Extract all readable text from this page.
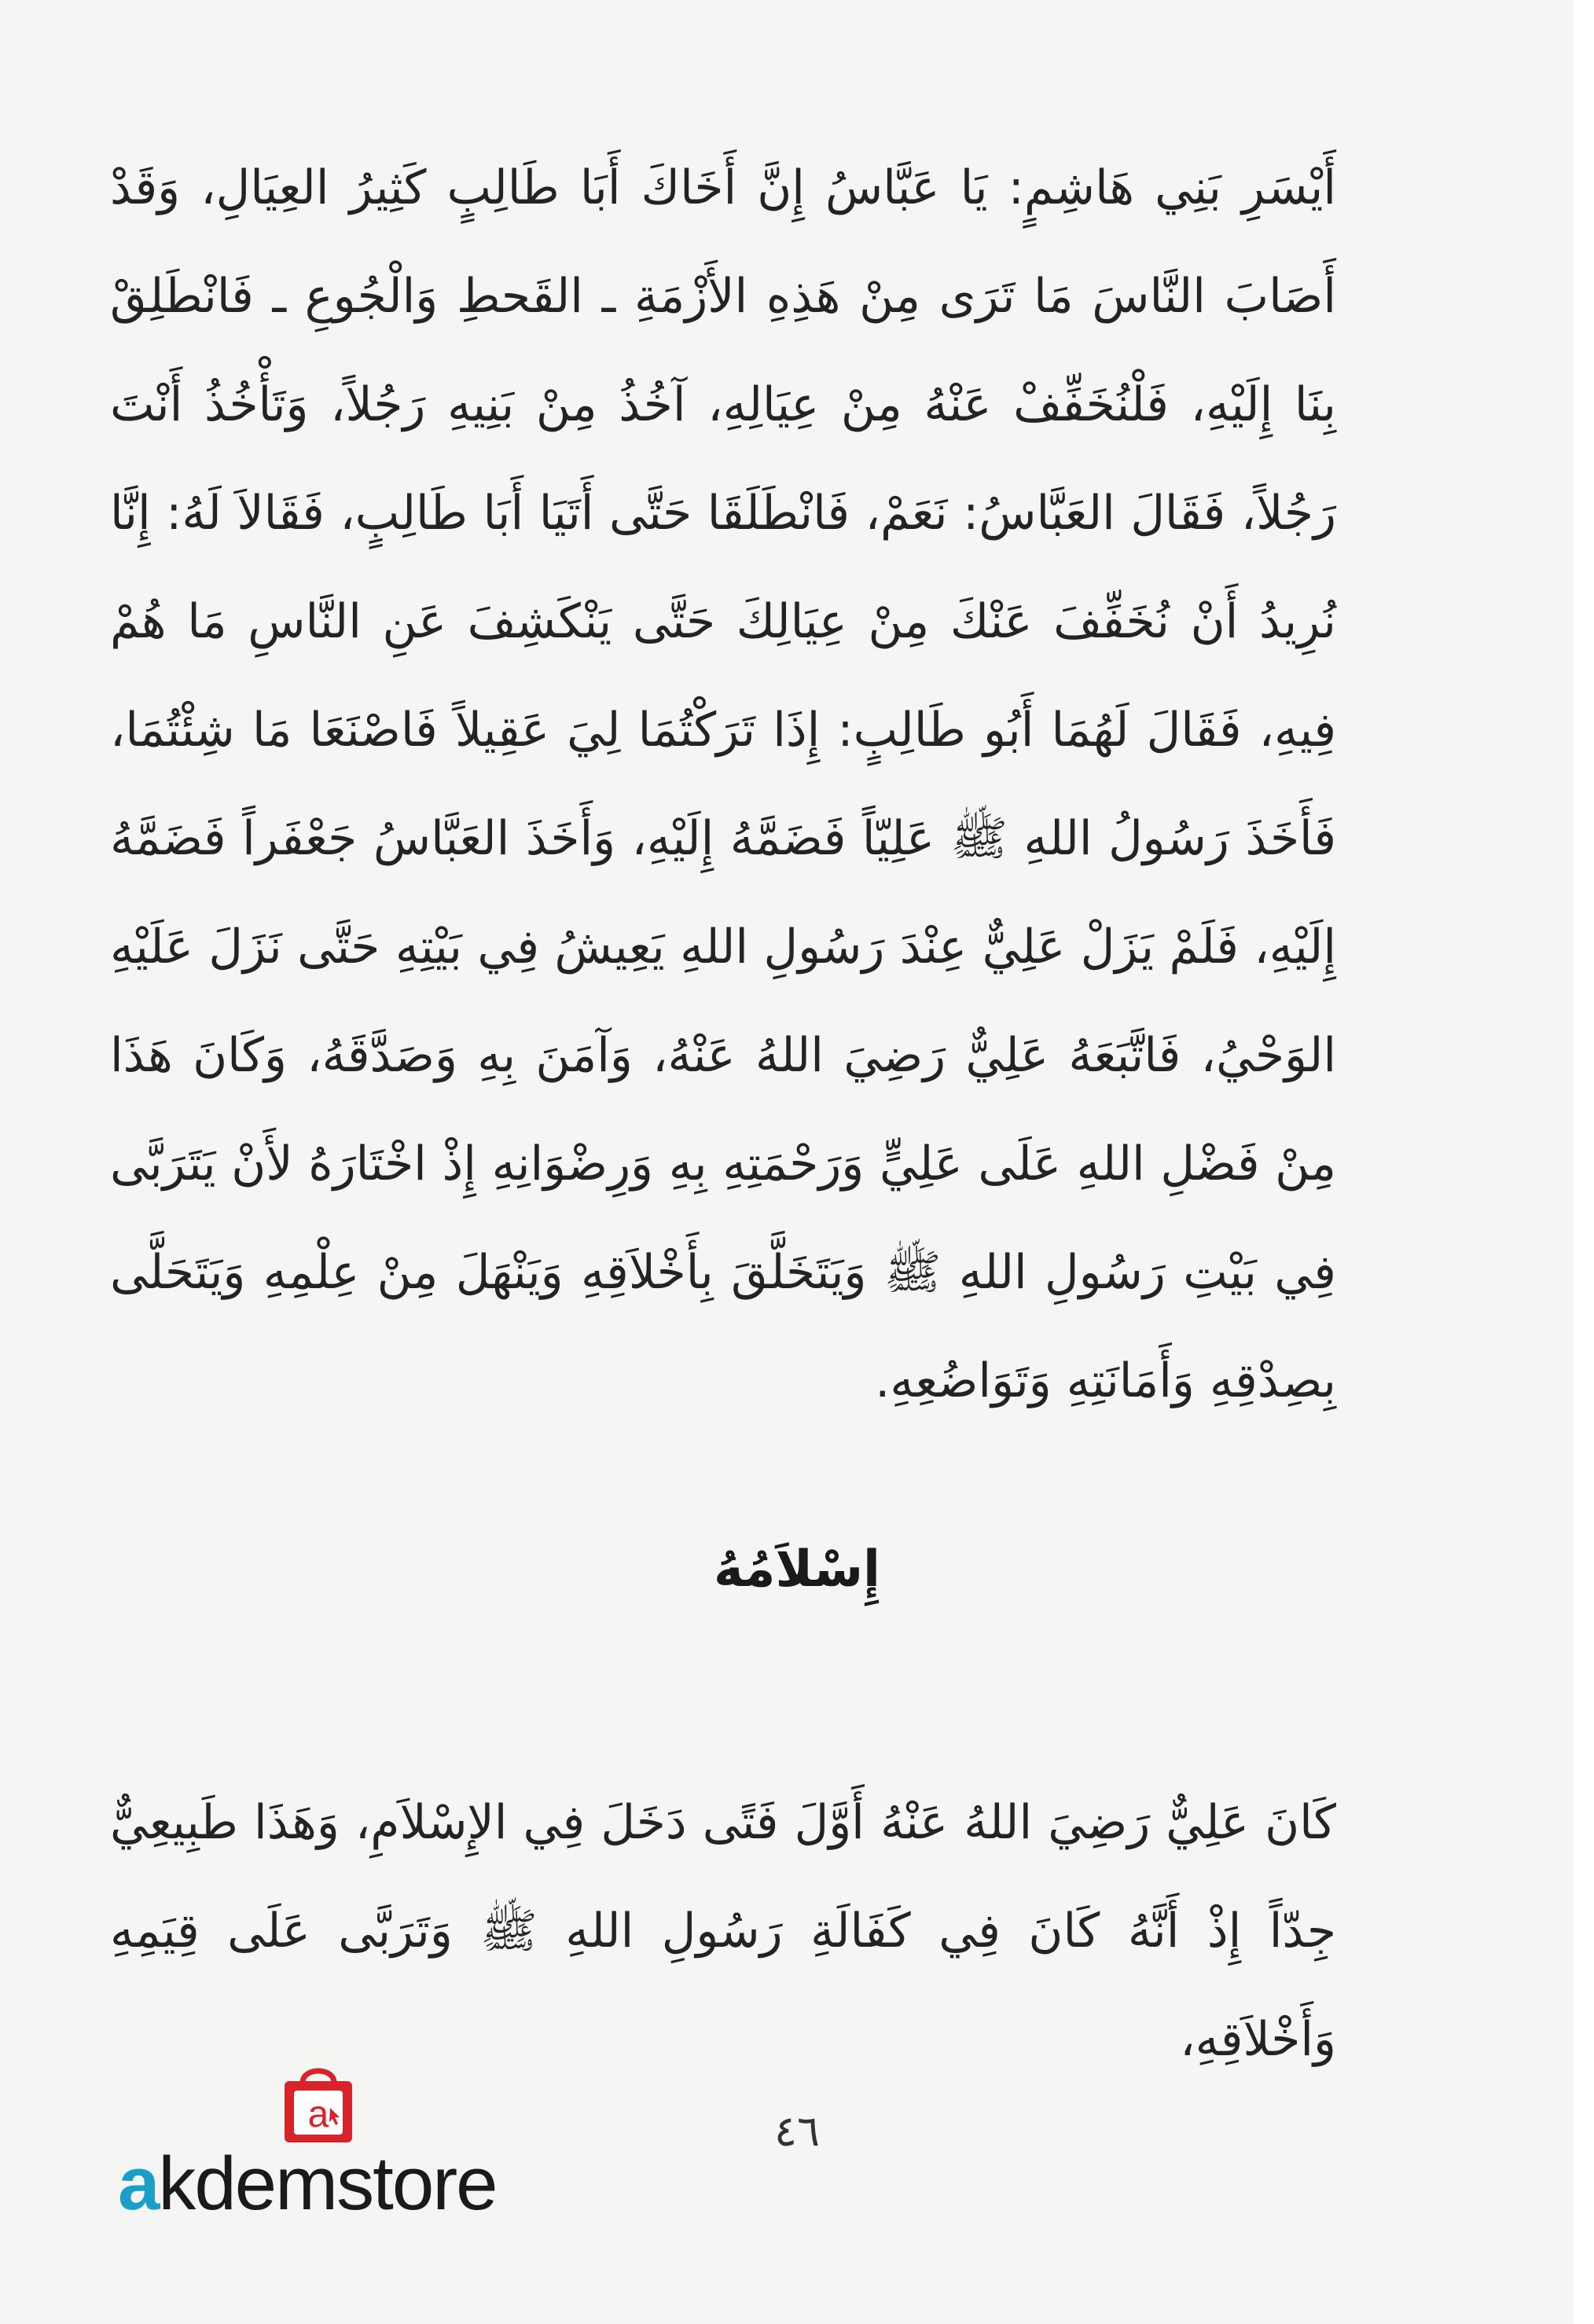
أَيْسَرِ بَنِي هَاشِمٍ: يَا عَبَّاسُ إِنَّ أَخَاكَ أَبَا طَالِبٍ كَثِيرُ العِيَالِ، وَقَدْ أَصَابَ النَّاسَ مَا تَرَى مِنْ هَذِهِ الأَزْمَةِ ـ القَحطِ وَالْجُوعِ ـ فَانْطَلِقْ بِنَا إِلَيْهِ، فَلْنُخَفِّفْ عَنْهُ مِنْ عِيَالِهِ، آخُذُ مِنْ بَنِيهِ رَجُلاً، وَتَأْخُذُ أَنْتَ رَجُلاً، فَقَالَ العَبَّاسُ: نَعَمْ، فَانْطَلَقَا حَتَّى أَتَيَا أَبَا طَالِبٍ، فَقَالاَ لَهُ: إِنَّا نُرِيدُ أَنْ نُخَفِّفَ عَنْكَ مِنْ عِيَالِكَ حَتَّى يَنْكَشِفَ عَنِ النَّاسِ مَا هُمْ فِيهِ، فَقَالَ لَهُمَا أَبُو طَالِبٍ: إِذَا تَرَكْتُمَا لِيَ عَقِيلاً فَاصْنَعَا مَا شِئْتُمَا، فَأَخَذَ رَسُولُ اللهِ ﷺ عَلِيّاً فَضَمَّهُ إِلَيْهِ، وَأَخَذَ العَبَّاسُ جَعْفَراً فَضَمَّهُ إِلَيْهِ، فَلَمْ يَزَلْ عَلِيٌّ عِنْدَ رَسُولِ اللهِ يَعِيشُ فِي بَيْتِهِ حَتَّى نَزَلَ عَلَيْهِ الوَحْيُ، فَاتَّبَعَهُ عَلِيٌّ رَضِيَ اللهُ عَنْهُ، وَآمَنَ بِهِ وَصَدَّقَهُ، وَكَانَ هَذَا مِنْ فَضْلِ اللهِ عَلَى عَلِيٍّ وَرَحْمَتِهِ بِهِ وَرِضْوَانِهِ إِذْ اخْتَارَهُ لأَنْ يَتَرَبَّى فِي بَيْتِ رَسُولِ اللهِ ﷺ وَيَتَخَلَّقَ بِأَخْلاَقِهِ وَيَنْهَلَ مِنْ عِلْمِهِ وَيَتَحَلَّى بِصِدْقِهِ وَأَمَانَتِهِ وَتَوَاضُعِهِ.
إِسْلاَمُهُ
كَانَ عَلِيٌّ رَضِيَ اللهُ عَنْهُ أَوَّلَ فَتًى دَخَلَ فِي الإِسْلاَمِ، وَهَذَا طَبِيعِيٌّ جِدّاً إِذْ أَنَّهُ كَانَ فِي كَفَالَةِ رَسُولِ اللهِ ﷺ وَتَرَبَّى عَلَى قِيَمِهِ وَأَخْلاَقِهِ،
٤٦
a
akdemstore
